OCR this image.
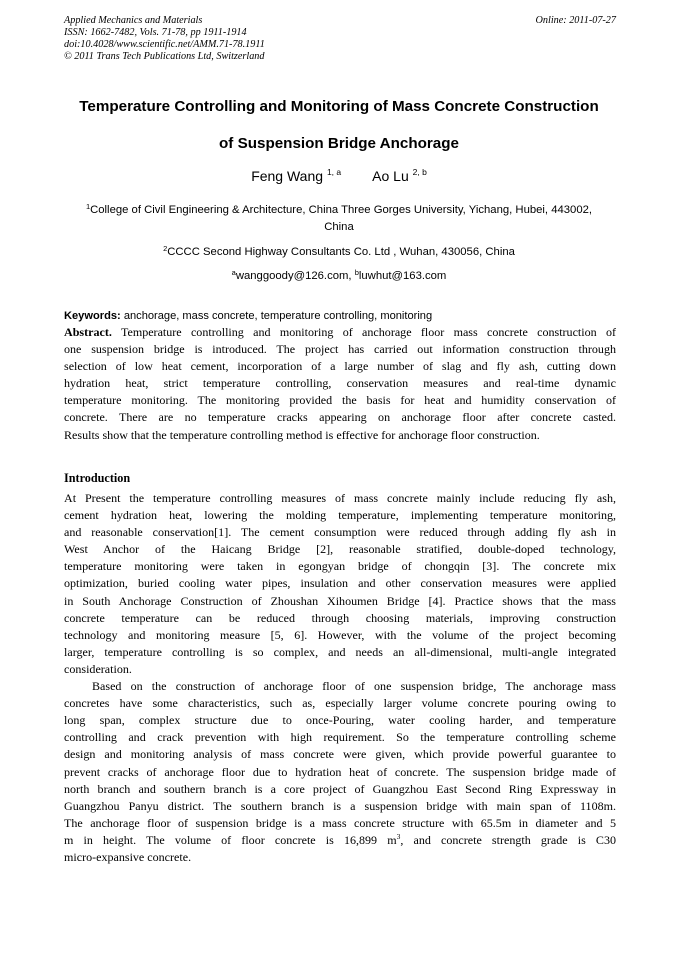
Applied Mechanics and Materials
ISSN: 1662-7482, Vols. 71-78, pp 1911-1914
doi:10.4028/www.scientific.net/AMM.71-78.1911
© 2011 Trans Tech Publications Ltd, Switzerland
Online: 2011-07-27
Temperature Controlling and Monitoring of Mass Concrete Construction
of Suspension Bridge Anchorage
Feng Wang $^{1, a}$ Ao Lu $^{2, b}$
$^1$College of Civil Engineering & Architecture, China Three Gorges University, Yichang, Hubei, 443002,
China
$^2$CCCC Second Highway Consultants Co. Ltd , Wuhan, 430056, China
$^a$wanggoody@126.com, $^b$luwhut@163.com
Keywords: anchorage, mass concrete, temperature controlling, monitoring
Abstract. Temperature controlling and monitoring of anchorage floor mass concrete construction of
one suspension bridge is introduced. The project has carried out information construction through
selection of low heat cement, incorporation of a large number of slag and fly ash, cutting down
hydration heat, strict temperature controlling, conservation measures and real-time dynamic
temperature monitoring. The monitoring provided the basis for heat and humidity conservation of
concrete. There are no temperature cracks appearing on anchorage floor after concrete casted.
Results show that the temperature controlling method is effective for anchorage floor construction.
Introduction
At Present the temperature controlling measures of mass concrete mainly include reducing fly ash,
cement hydration heat, lowering the molding temperature, implementing temperature monitoring,
and reasonable conservation[1]. The cement consumption were reduced through adding fly ash in
West Anchor of the Haicang Bridge [2], reasonable stratified, double-doped technology,
temperature monitoring were taken in egongyan bridge of chongqin [3]. The concrete mix
optimization, buried cooling water pipes, insulation and other conservation measures were applied
in South Anchorage Construction of Zhoushan Xihoumen Bridge [4]. Practice shows that the mass
concrete temperature can be reduced through choosing materials, improving construction
technology and monitoring measure [5, 6]. However, with the volume of the project becoming
larger, temperature controlling is so complex, and needs an all-dimensional, multi-angle integrated
consideration.
Based on the construction of anchorage floor of one suspension bridge, The anchorage mass
concretes have some characteristics, such as, especially larger volume concrete pouring owing to
long span, complex structure due to once-Pouring, water cooling harder, and temperature
controlling and crack prevention with high requirement. So the temperature controlling scheme
design and monitoring analysis of mass concrete were given, which provide powerful guarantee to
prevent cracks of anchorage floor due to hydration heat of concrete. The suspension bridge made of
north branch and southern branch is a core project of Guangzhou East Second Ring Expressway in
Guangzhou Panyu district. The southern branch is a suspension bridge with main span of 1108m.
The anchorage floor of suspension bridge is a mass concrete structure with 65.5m in diameter and 5
m in height. The volume of floor concrete is 16,899 $m^3$, and concrete strength grade is C30
micro-expansive concrete.
